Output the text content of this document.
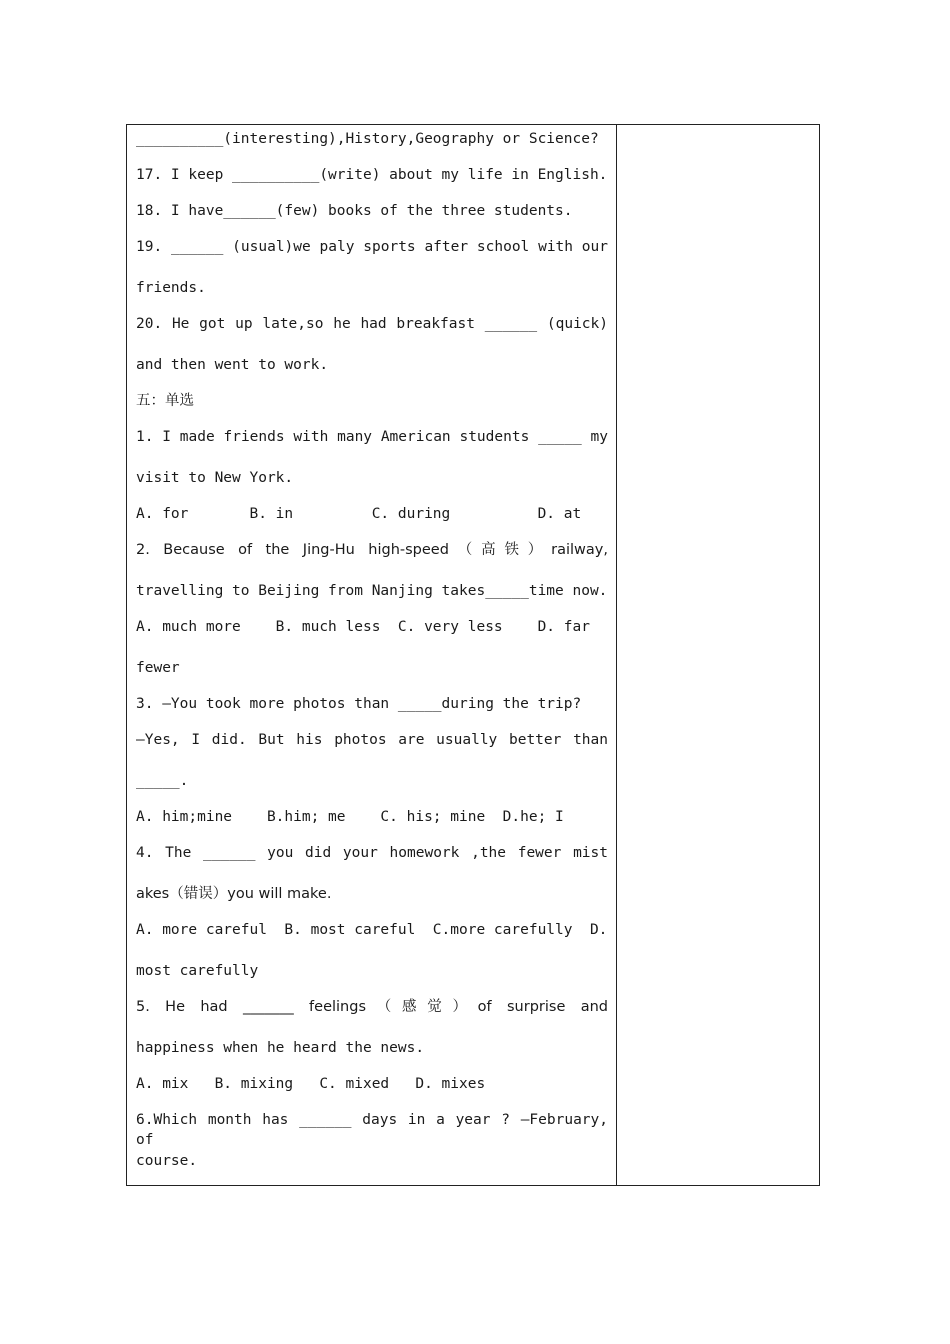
__________(interesting),History,Geography or Science?
17. I keep __________(write) about my life in English.
18. I have______(few) books of the three students.
19. ______ (usual)we paly sports after school with our
friends.
20. He got up late,so he had breakfast ______ (quick)
and then went to work.
五：单选
1. I made friends with many American students _____ my
visit to New York.
A. for       B. in         C. during          D. at
2. Because of the Jing-Hu high-speed（高铁）railway,
travelling to Beijing from Nanjing takes_____time now.
A. much more    B. much less  C. very less    D. far
fewer
3. —You took more photos than _____during the trip?
—Yes, I did. But his photos are usually better than
_____.
A. him;mine    B.him; me    C. his; mine  D.he; I
4. The ______ you did your homework ,the fewer mist
akes（错误）you will make.
A. more careful  B. most careful  C.more carefully  D.
most carefully
5. He had _______ feelings（感觉）of surprise and
happiness when he heard the news.
A. mix   B. mixing   C. mixed   D. mixes
6.Which month has ______ days in a year ? —February, of
course.
